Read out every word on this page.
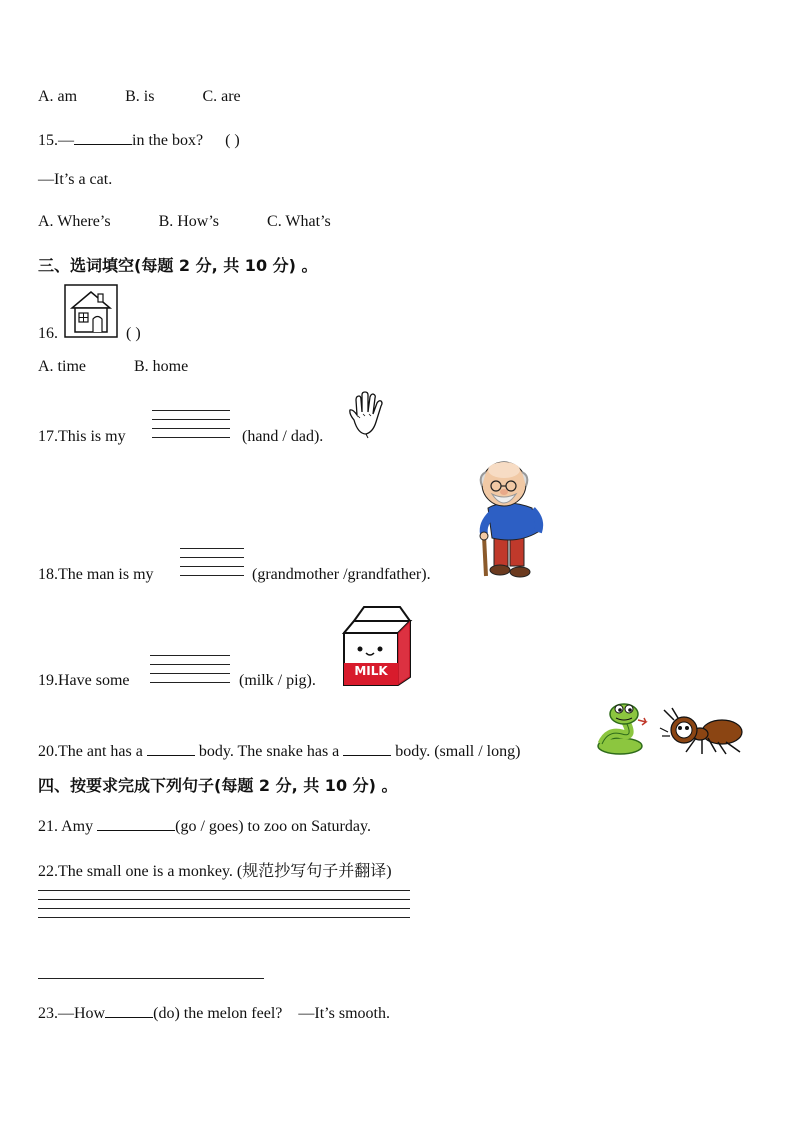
A. am	B. is	C. are
15.—	in the box? ( )
—It’s a cat.
A. Where’s	B. How’s	C. What’s
三、选词填空(每题 2 分, 共 10 分) 。
16.	( )
A. time	B. home
17.This is my	(hand / dad).
18.The man is my	(grandmother /grandfather).
19.Have some	(milk / pig).
MILK
20.The ant has a	body. The snake has a	body. (small / long)
四、按要求完成下列句子(每题 2 分, 共 10 分) 。
21. Amy	(go / goes) to zoo on Saturday.
22.The small one is a monkey. (规范抄写句子并翻译)
23.—How	(do) the melon feel? —It’s smooth.
